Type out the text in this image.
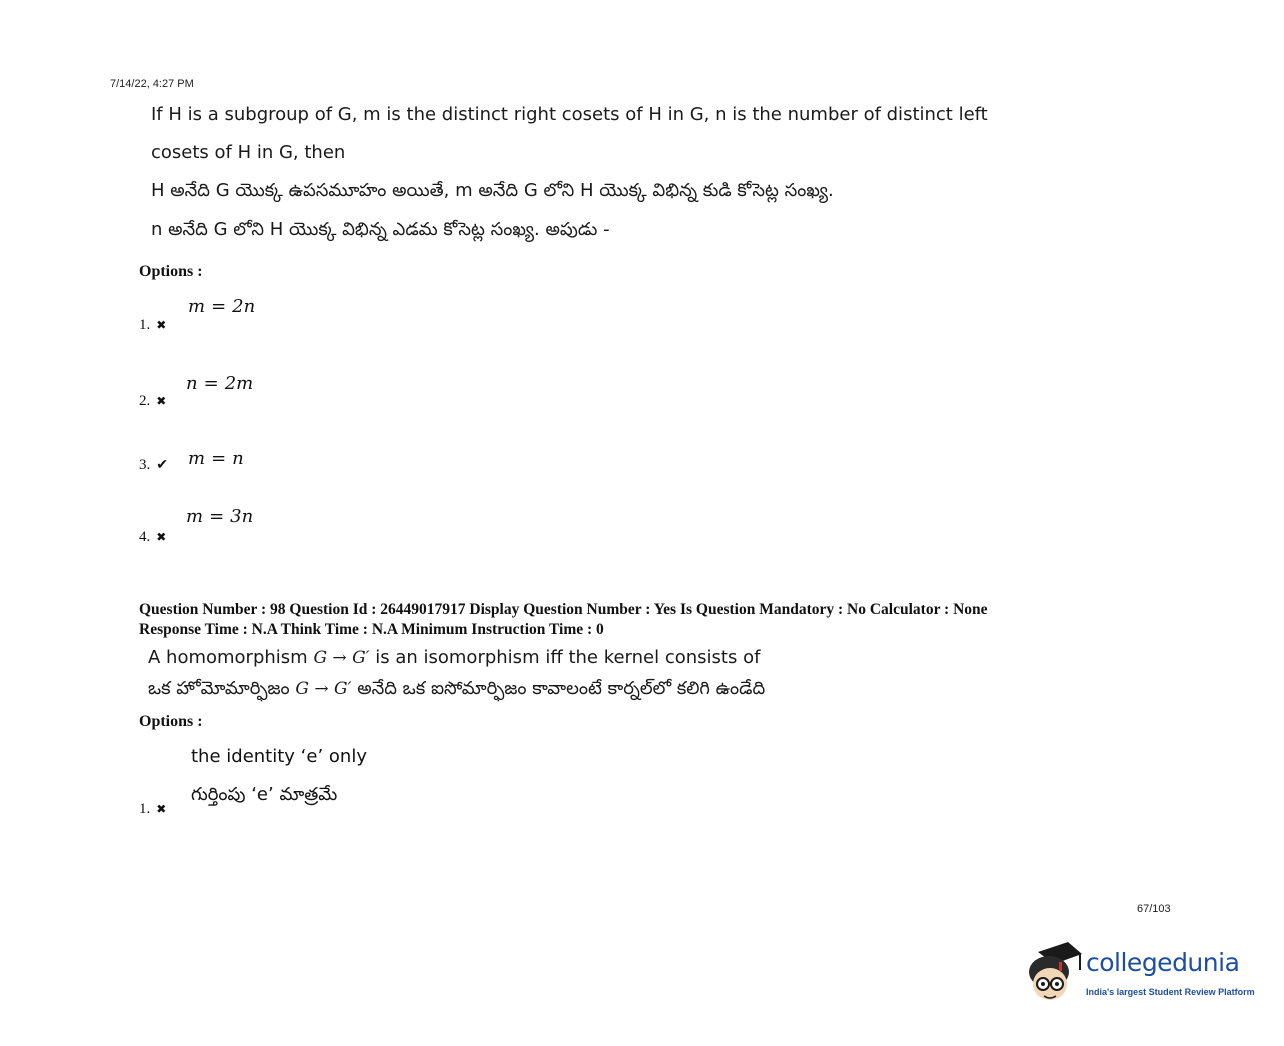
7/14/22, 4:27 PM
If H is a subgroup of G, m is the distinct right cosets of H in G, n is the number of distinct left
cosets of H in G, then
H అనేది G యొక్క ఉపసమూహం అయితే, m అనేది G లోని H యొక్క విభిన్న కుడి కోసెట్ల సంఖ్య.
n అనేది G లోని H యొక్క విభిన్న ఎడమ కోసెట్ల సంఖ్య. అపుడు -
Options :
m = 2n
1. ✖
n = 2m
2. ✖
m = n
3. ✔
m = 3n
4. ✖
Question Number : 98 Question Id : 26449017917 Display Question Number : Yes Is Question Mandatory : No Calculator : None
Response Time : N.A Think Time : N.A Minimum Instruction Time : 0
A homomorphism G → G′ is an isomorphism iff the kernel consists of
ఒక హోమోమార్ఫిజం G → G′ అనేది ఒక ఐసోమార్ఫిజం కావాలంటే కార్నల్‌లో కలిగి ఉండేది
Options :
the identity ‘e’ only
గుర్తింపు ‘e’ మాత్రమే
1. ✖
67/103
collegedunia
India's largest Student Review Platform
